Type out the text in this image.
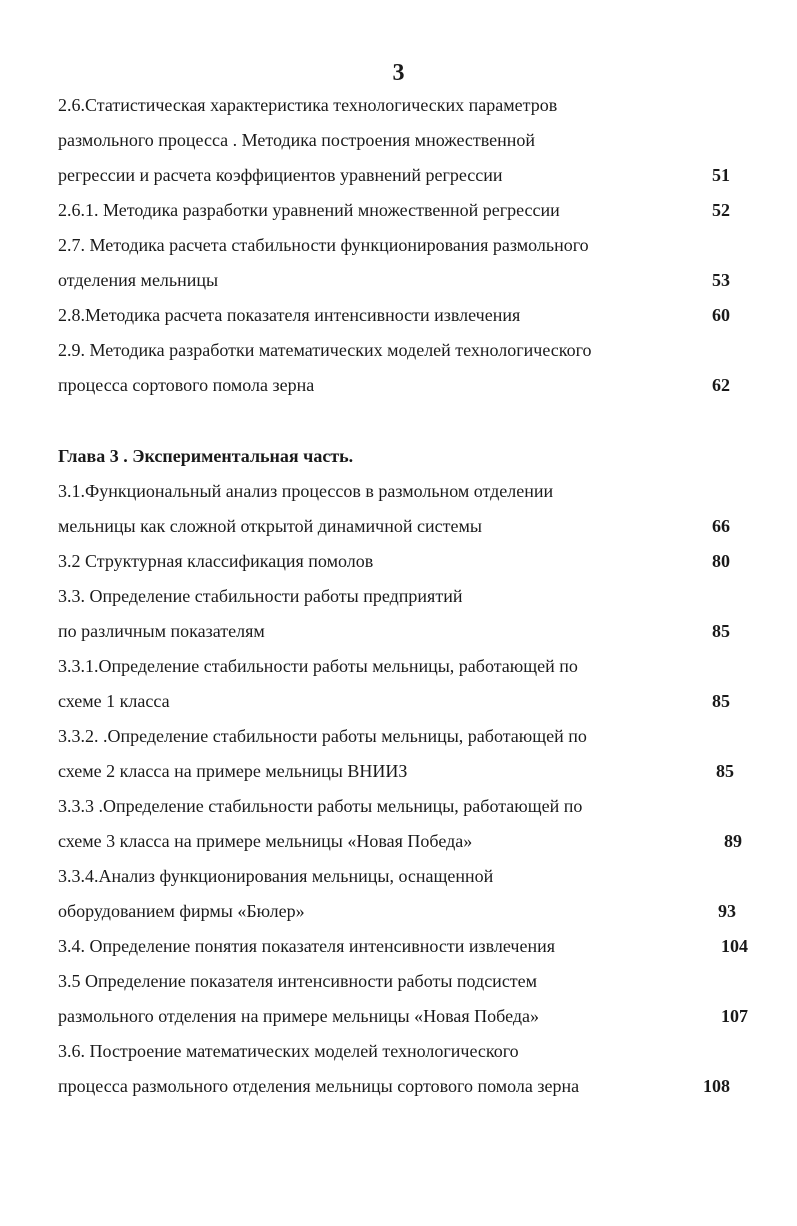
3
2.6.Статистическая характеристика технологических параметров
размольного процесса . Методика построения множественной
регрессии и расчета коэффициентов уравнений регрессии	51
2.6.1. Методика разработки уравнений множественной регрессии	52
2.7. Методика расчета стабильности функционирования размольного
отделения мельницы	53
2.8.Методика расчета показателя интенсивности извлечения	60
2.9. Методика разработки математических моделей технологического
процесса сортового помола зерна	62
Глава 3 . Экспериментальная часть.
3.1.Функциональный анализ процессов в размольном отделении
мельницы как сложной открытой динамичной системы	66
3.2 Структурная классификация помолов	80
3.3. Определение стабильности работы предприятий
по различным показателям	85
3.3.1.Определение стабильности работы мельницы, работающей по
схеме 1 класса	85
3.3.2. .Определение стабильности работы мельницы, работающей по
схеме 2 класса на примере мельницы ВНИИЗ	85
3.3.3 .Определение стабильности работы мельницы, работающей по
схеме 3 класса на примере мельницы «Новая Победа»	89
3.3.4.Анализ функционирования мельницы, оснащенной
оборудованием фирмы «Бюлер»	93
3.4. Определение понятия показателя интенсивности извлечения	104
3.5 Определение показателя интенсивности работы подсистем
размольного отделения на примере мельницы «Новая Победа»	107
3.6. Построение математических моделей технологического
процесса размольного отделения мельницы сортового помола зерна	108
